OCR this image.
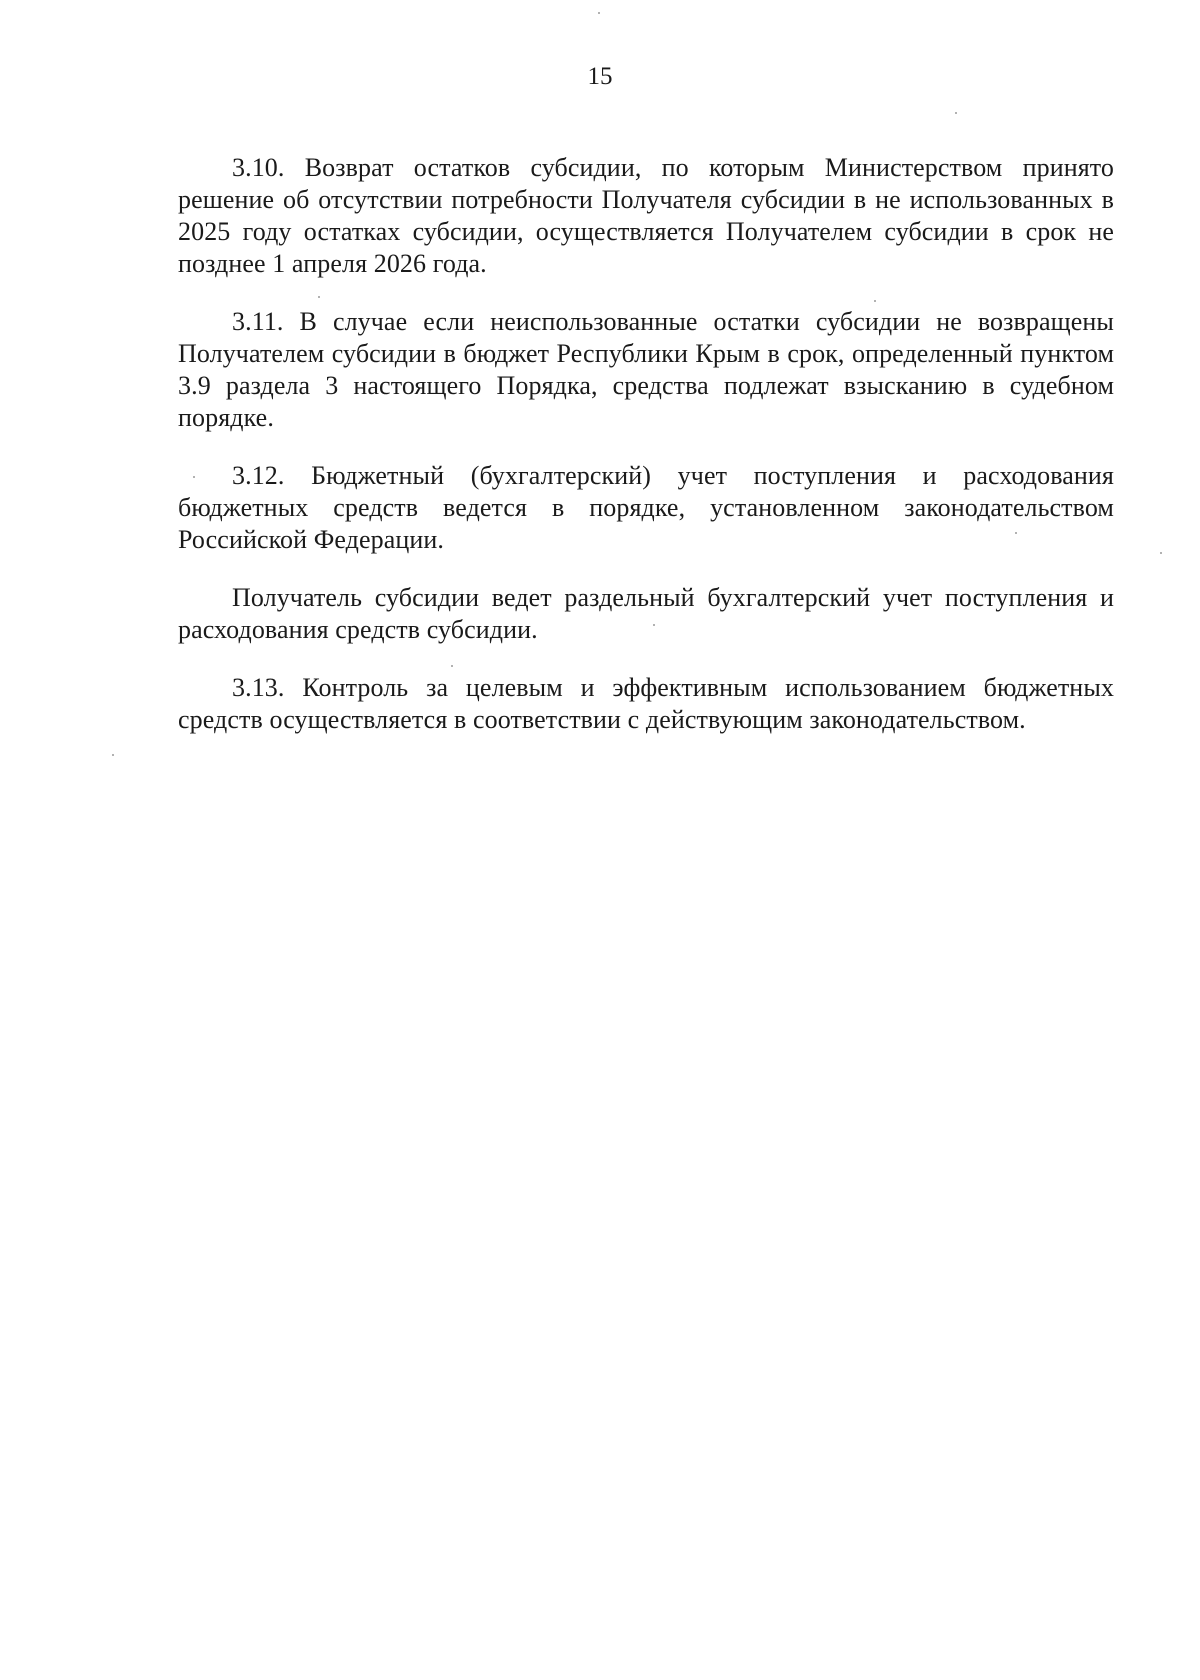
15

3.10. Возврат остатков субсидии, по которым Министерством принято решение об отсутствии потребности Получателя субсидии в не использованных в 2025 году остатках субсидии, осуществляется Получателем субсидии в срок не позднее 1 апреля 2026 года.

3.11. В случае если неиспользованные остатки субсидии не возвращены Получателем субсидии в бюджет Республики Крым в срок, определенный пунктом 3.9 раздела 3 настоящего Порядка, средства подлежат взысканию в судебном порядке.

3.12. Бюджетный (бухгалтерский) учет поступления и расходования бюджетных средств ведется в порядке, установленном законодательством Российской Федерации.

Получатель субсидии ведет раздельный бухгалтерский учет поступления и расходования средств субсидии.

3.13. Контроль за целевым и эффективным использованием бюджетных средств осуществляется в соответствии с действующим законодательством.
